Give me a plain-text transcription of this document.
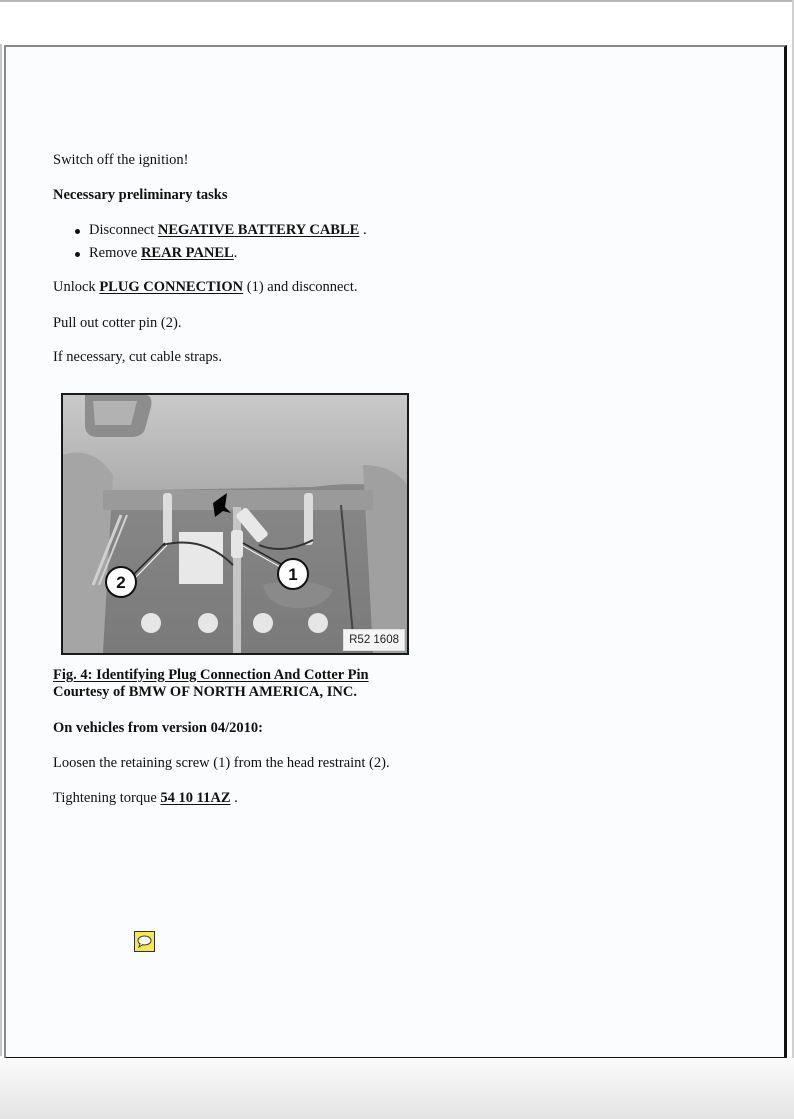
Switch off the ignition!
Necessary preliminary tasks
Disconnect NEGATIVE BATTERY CABLE .
Remove REAR PANEL.
Unlock PLUG CONNECTION (1) and disconnect.
Pull out cotter pin (2).
If necessary, cut cable straps.
2	1
R52 1608
Fig. 4: Identifying Plug Connection And Cotter Pin
Courtesy of BMW OF NORTH AMERICA, INC.
On vehicles from version 04/2010:
Loosen the retaining screw (1) from the head restraint (2).
Tightening torque 54 10 11AZ .
